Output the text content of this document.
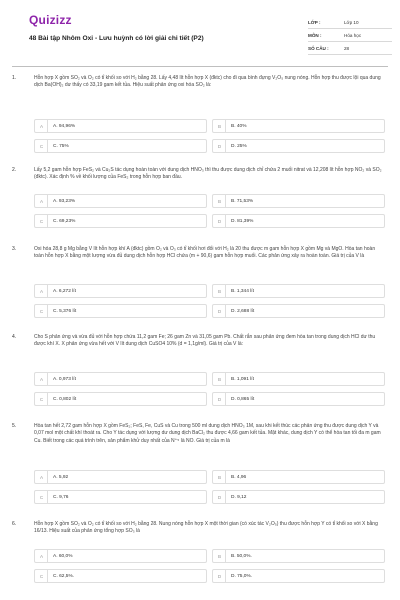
Quizizz
48 Bài tập Nhôm Oxi - Lưu huỳnh có lời giải chi tiết (P2)
LỚP :	Lớp 10
MÔN :	Hóa học
SỐ CÂU :	28
1.	Hỗn hợp X gồm SO₂ và O₂ có tỉ khối so với H₂ bằng 28. Lấy 4,48 lít hỗn hợp X (đktc) cho đi qua bình đựng V₂O₅ nung nóng. Hỗn hợp thu được lội qua dung dịch Ba(OH)₂ dư thấy có 33,19 gam kết tủa. Hiệu suất phản ứng oxi hóa SO₂ là:
A	A. 94,96%	B	B. 40%
C	C. 75%	D	D. 25%
2.	Lấy 5,2 gam hỗn hợp FeS₂ và Cu₂S tác dụng hoàn toàn với dung dịch HNO₃ thì thu được dung dịch chỉ chứa 2 muối nitrat và 12,208 lít hỗn hợp NO₂ và SO₂ (đktc). Xác định % về khối lượng của FeS₂ trong hỗn hợp ban đầu.
A	A. 93,23%	B	B. 71,53%
C	C. 69,23%	D	D. 81,39%
3.	Oxi hóa 28,8 g Mg bằng V lít hỗn hợp khí A (đktc) gồm O₂ và O₃ có tỉ khối hơi đối với H₂ là 20 thu được m gam hỗn hợp X gồm Mg và MgO. Hòa tan hoàn toàn hỗn hợp X bằng một lượng vừa đủ dung dịch hỗn hợp HCl chứa (m + 90,6) gam hỗn hợp muối. Các phản ứng xảy ra hoàn toàn. Giá trị của V là
A	A. 6,272 lít	B	B. 1,344 lít
C	C. 5,376 lít	D	D. 2,688 lít
4.	Cho S phản ứng và vừa đủ với hỗn hợp chứa 11,2 gam Fe; 26 gam Zn và 31,05 gam Pb. Chất rắn sau phản ứng đem hòa tan trong dung dịch HCl dư thu được khí X. X phản ứng vừa hết với V lít dung dịch CuSO4 10% (d = 1,1g/ml). Giá trị của V là:
A	A. 0,973 lít	B	B. 1,091 lít
C	C. 0,802 lít	D	D. 0,865 lít
5.	Hòa tan hết 2,72 gam hỗn hợp X gồm FeS₂; FeS, Fe, CuS và Cu trong 500 ml dung dịch HNO₃ 1M, sau khi kết thúc các phản ứng thu được dung dịch Y và 0,07 mol một chất khí thoát ra. Cho Y tác dụng với lượng dư dung dịch BaCl₂ thu được 4,66 gam kết tủa. Mặt khác, dung dịch Y có thể hòa tan tối đa m gam Cu. Biết trong các quá trình trên, sản phẩm khử duy nhất của N⁺⁵ là NO. Giá trị của m là
A	A. 5,92	B	B. 4,96
C	C. 9,76	D	D. 9,12
6.	Hỗn hợp X gồm SO₂ và O₂ có tỉ khối so với H₂ bằng 28. Nung nóng hỗn hợp X một thời gian (có xúc tác V₂O₅) thu được hỗn hợp Y có tỉ khối so với X bằng 16/13. Hiệu suất của phản ứng tổng hợp SO₃ là
A	A. 60,0%	B	B. 50,0%.
C	C. 62,5%.	D	D. 75,0%.
